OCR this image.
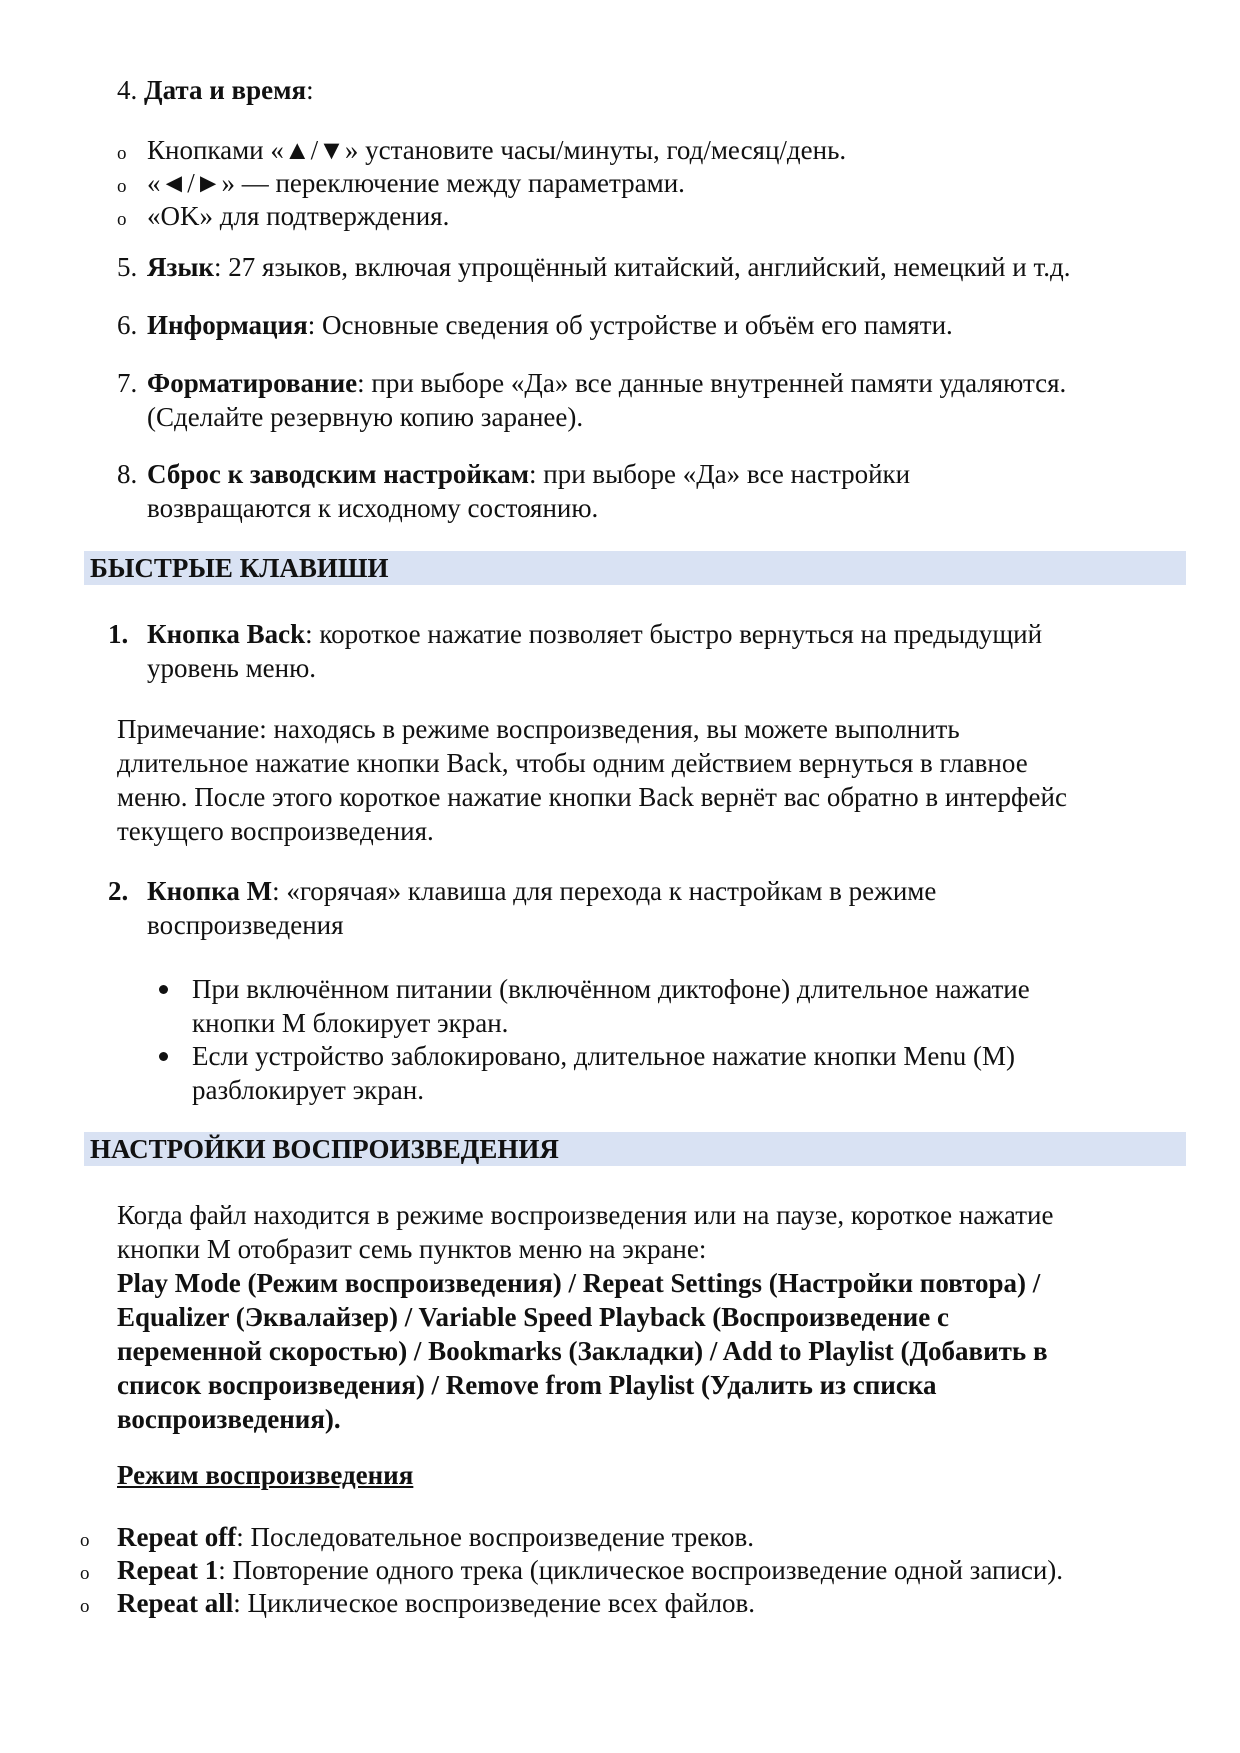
4. Дата и время:
o Кнопками «▲/▼» установите часы/минуты, год/месяц/день.
o «◄/►» — переключение между параметрами.
o «OK» для подтверждения.
5. Язык: 27 языков, включая упрощённый китайский, английский, немецкий и т.д.
6. Информация: Основные сведения об устройстве и объём его памяти.
7. Форматирование: при выборе «Да» все данные внутренней памяти удаляются.
(Сделайте резервную копию заранее).
8. Сброс к заводским настройкам: при выборе «Да» все настройки
возвращаются к исходному состоянию.
БЫСТРЫЕ КЛАВИШИ
1. Кнопка Back: короткое нажатие позволяет быстро вернуться на предыдущий
уровень меню.
Примечание: находясь в режиме воспроизведения, вы можете выполнить
длительное нажатие кнопки Back, чтобы одним действием вернуться в главное
меню. После этого короткое нажатие кнопки Back вернёт вас обратно в интерфейс
текущего воспроизведения.
2. Кнопка M: «горячая» клавиша для перехода к настройкам в режиме
воспроизведения
При включённом питании (включённом диктофоне) длительное нажатие
кнопки M блокирует экран.
Если устройство заблокировано, длительное нажатие кнопки Menu (M)
разблокирует экран.
НАСТРОЙКИ ВОСПРОИЗВЕДЕНИЯ
Когда файл находится в режиме воспроизведения или на паузе, короткое нажатие
кнопки M отобразит семь пунктов меню на экране:
Play Mode (Режим воспроизведения) / Repeat Settings (Настройки повтора) /
Equalizer (Эквалайзер) / Variable Speed Playback (Воспроизведение с
переменной скоростью) / Bookmarks (Закладки) / Add to Playlist (Добавить в
список воспроизведения) / Remove from Playlist (Удалить из списка
воспроизведения).
Режим воспроизведения
o Repeat off: Последовательное воспроизведение треков.
o Repeat 1: Повторение одного трека (циклическое воспроизведение одной записи).
o Repeat all: Циклическое воспроизведение всех файлов.
